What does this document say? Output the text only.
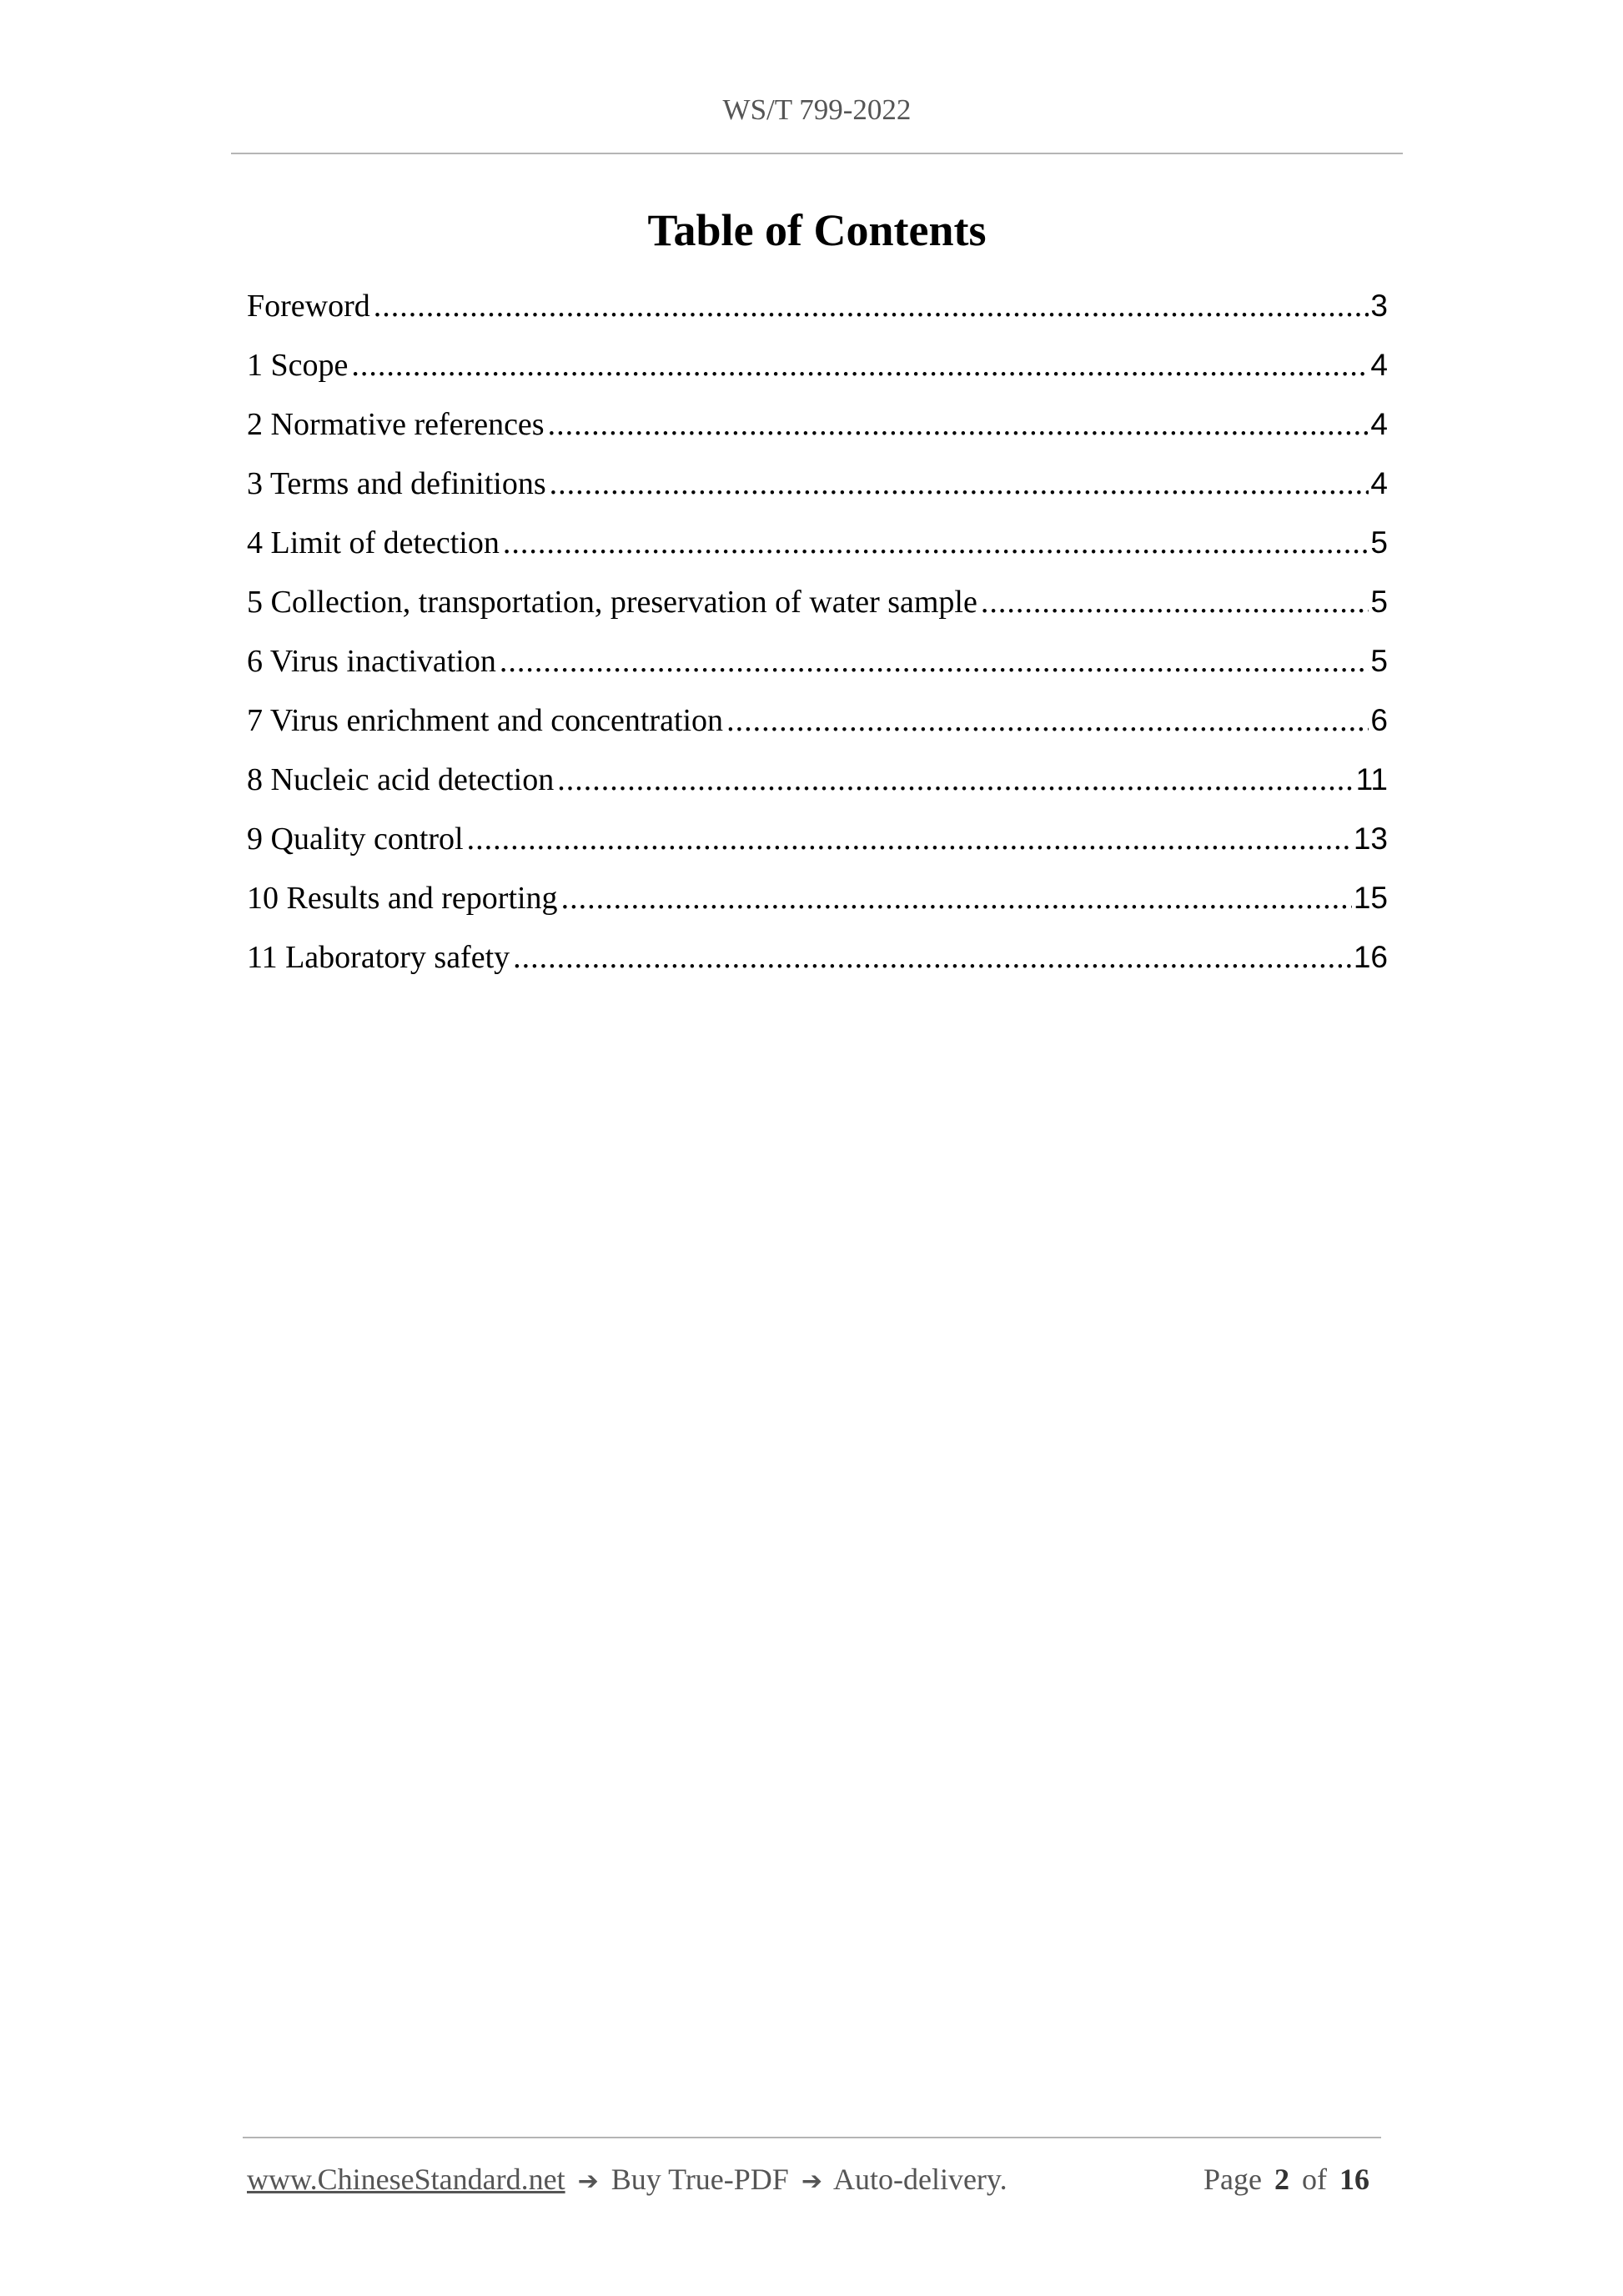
WS/T 799-2022
Table of Contents
Foreword .....	3
1 Scope .....	4
2 Normative references .....	4
3 Terms and definitions .....	4
4 Limit of detection .....	5
5 Collection, transportation, preservation of water sample .....	5
6 Virus inactivation .....	5
7 Virus enrichment and concentration .....	6
8 Nucleic acid detection .....	11
9 Quality control .....	13
10 Results and reporting .....	15
11 Laboratory safety .....	16
www.ChineseStandard.net ➔ Buy True-PDF ➔ Auto-delivery.	Page 2 of 16
